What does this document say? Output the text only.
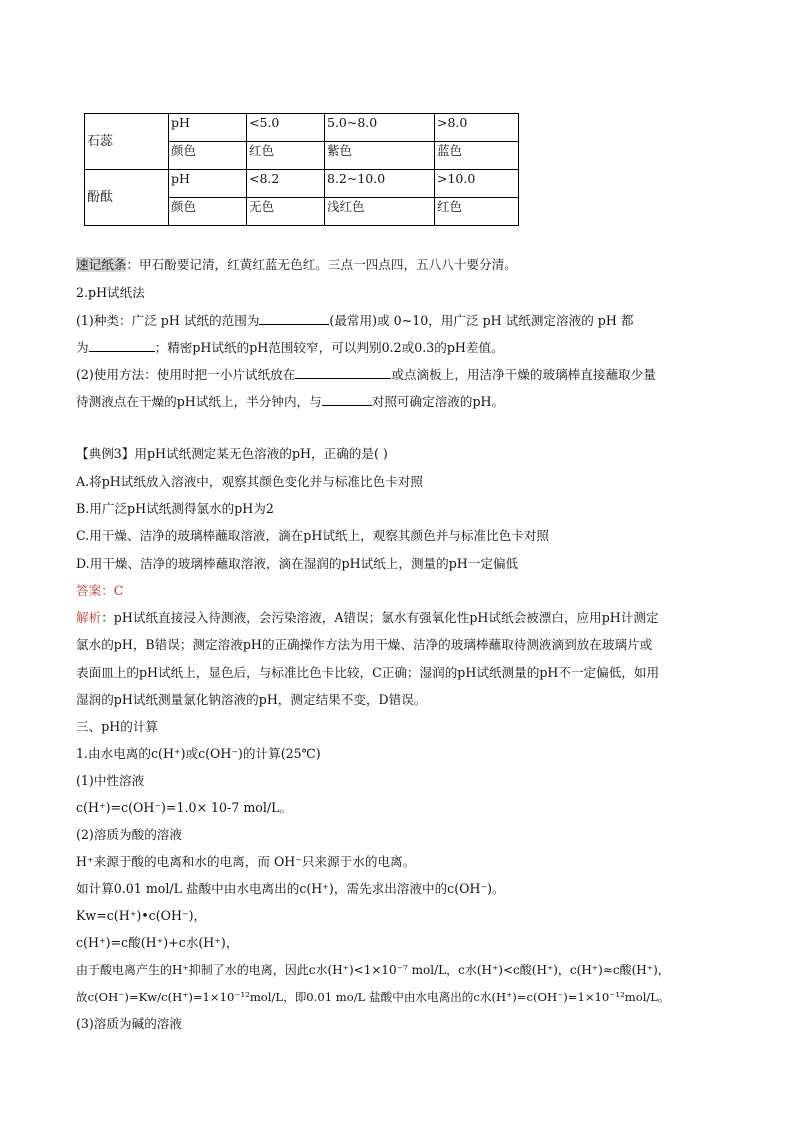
石蕊	pH	<5.0	5.0~8.0	>8.0
	颜色	红色	紫色	蓝色
酚酞	pH	<8.2	8.2~10.0	>10.0
	颜色	无色	浅红色	红色
速记纸条：甲石酚要记清，红黄红蓝无色红。三点一四点四，五八八十要分清。
2.pH试纸法
(1)种类：广泛 pH 试纸的范围为	(最常用)或 0~10，用广泛 pH 试纸测定溶液的 pH 都
为	；精密pH试纸的pH范围较窄，可以判别0.2或0.3的pH差值。
(2)使用方法：使用时把一小片试纸放在	或点滴板上，用洁净干燥的玻璃棒直接蘸取少量
待测液点在干燥的pH试纸上，半分钟内，与	对照可确定溶液的pH。
【典例3】用pH试纸测定某无色溶液的pH，正确的是( )
A.将pH试纸放入溶液中，观察其颜色变化并与标准比色卡对照
B.用广泛pH试纸测得氯水的pH为2
C.用干燥、洁净的玻璃棒蘸取溶液，滴在pH试纸上，观察其颜色并与标准比色卡对照
D.用干燥、洁净的玻璃棒蘸取溶液，滴在湿润的pH试纸上，测量的pH一定偏低
答案：C
解析：pH试纸直接浸入待测液，会污染溶液，A错误；氯水有强氧化性pH试纸会被漂白，应用pH计测定
氯水的pH，B错误；测定溶液pH的正确操作方法为用干燥、洁净的玻璃棒蘸取待测液滴到放在玻璃片或
表面皿上的pH试纸上，显色后，与标准比色卡比较，C正确；湿润的pH试纸测量的pH不一定偏低，如用
湿润的pH试纸测量氯化钠溶液的pH，测定结果不变，D错误。
三、pH的计算
1.由水电离的c(H⁺)或c(OH⁻)的计算(25℃)
(1)中性溶液
c(H⁺)=c(OH⁻)=1.0× 10-7 mol/L。
(2)溶质为酸的溶液
H⁺来源于酸的电离和水的电离，而 OH⁻只来源于水的电离。
如计算0.01 mol/L 盐酸中由水电离出的c(H⁺)，需先求出溶液中的c(OH⁻)。
Kw=c(H⁺)•c(OH⁻)，
c(H⁺)=c酸(H⁺)+c水(H⁺)，
由于酸电离产生的H⁺抑制了水的电离，因此c水(H⁺)<1×10⁻⁷ mol/L，c水(H⁺)<c酸(H⁺)，c(H⁺)≈c酸(H⁺)，
故c(OH⁻)=Kw/c(H⁺)=1×10⁻¹²mol/L，即0.01 mo/L 盐酸中由水电离出的c水(H⁺)=c(OH⁻)=1×10⁻¹²mol/L。
(3)溶质为碱的溶液
